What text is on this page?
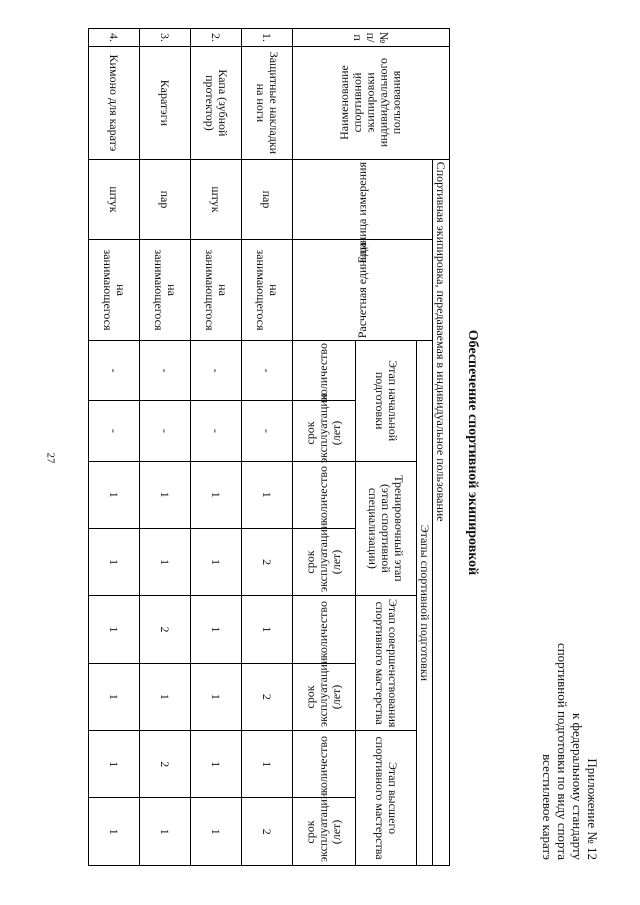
27
Приложение № 12
к федеральному стандарту
спортивной подготовки по виду спорта
всестилевое каратэ
Обеспечение спортивной экипировкой
№ п/п	Наименование спортивной экипировки индивидуального пользования	Спортивная экипировка, передаваемая в индивидуальное пользование									

		Единица измерения	Расчетная единица	Этапы спортивной подготовки							
				Этап начальной подготовки		Тренировочный этап (этап спортивной специализации)		Этап совершенствования спортивного мастерства		Этап высшего спортивного мастерства	
				количество	срок эксплуатации (лет)	количество	срок эксплуатации (лет)	количество	срок эксплуатации (лет)	количество	срок эксплуатации (лет)
1.	Защитные накладки на ноги	пар	на занимающегося	-	-	1	2	1	2	1	2
2.	Капа (зубной протектор)	штук	на занимающегося	-	-	1	1	1	1	1	1
3.	Каратэги	пар	на занимающегося	-	-	1	1	2	1	2	1
4.	Кимоно для каратэ	штук	на занимающегося	-	-	1	1	1	1	1	1
